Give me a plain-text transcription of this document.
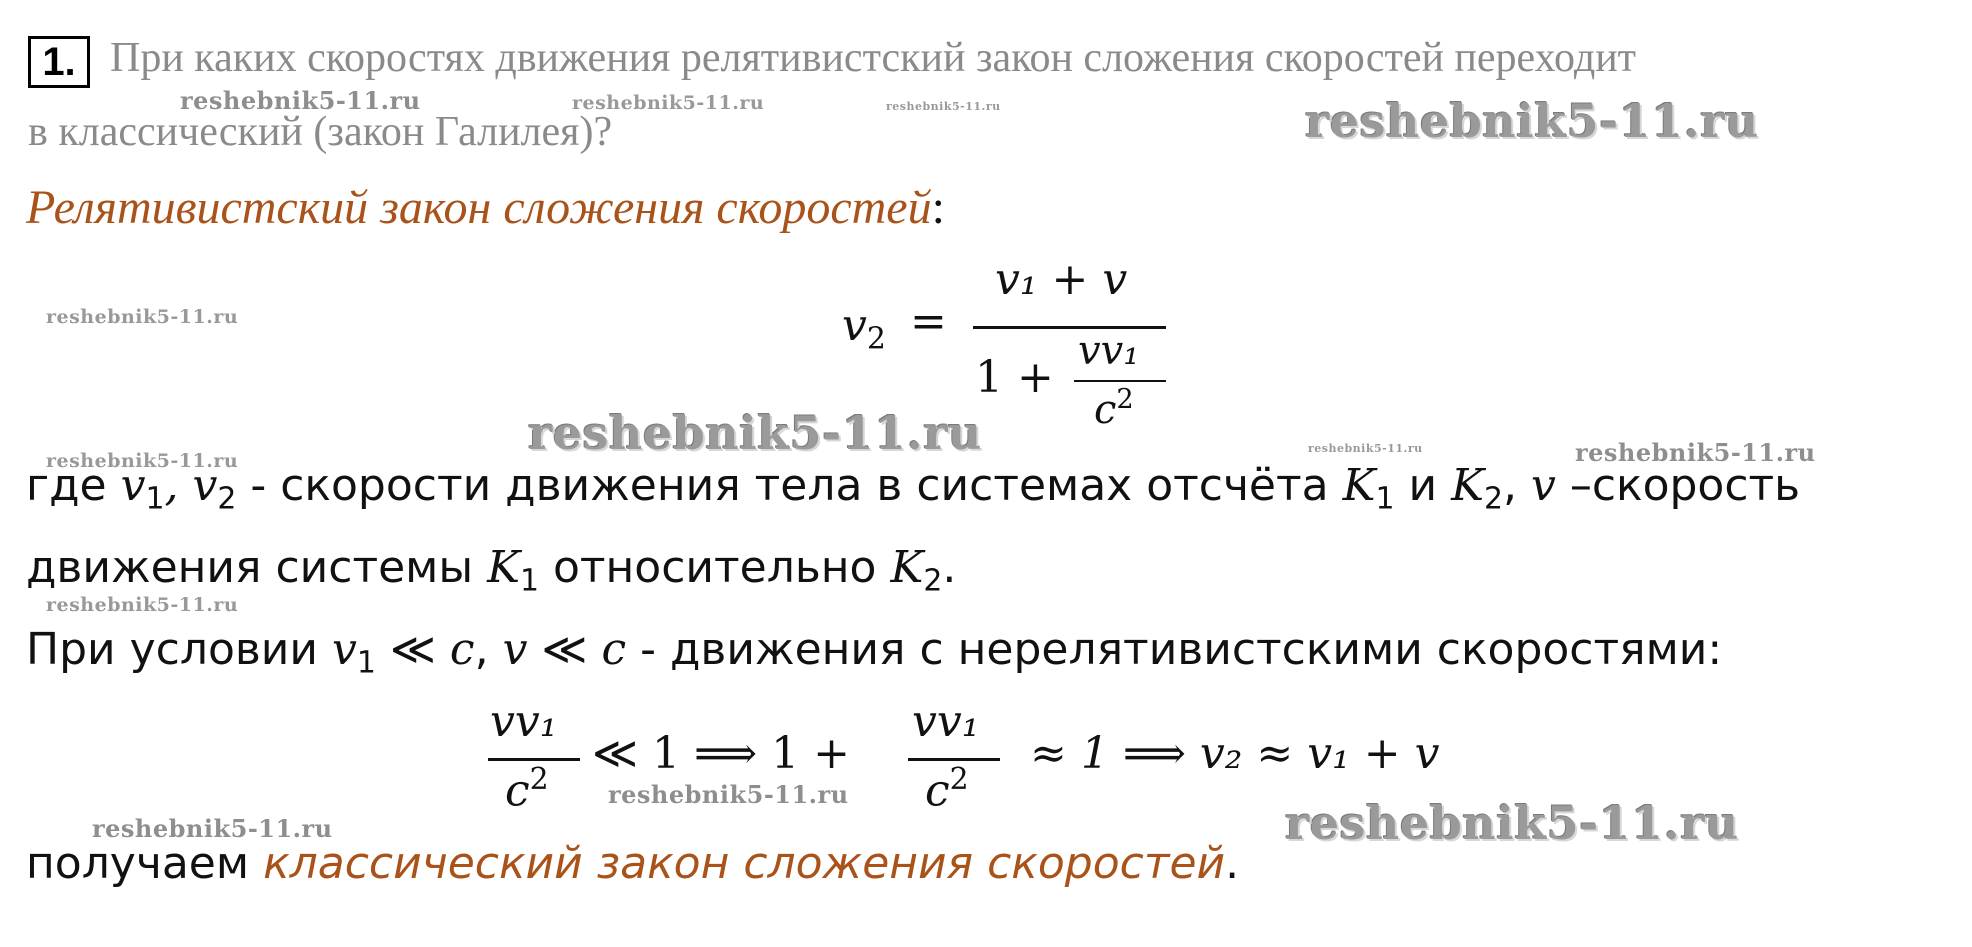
1. При каких скоростях движения релятивистский закон сложения скоростей переходит
в классический (закон Галилея)?
Релятивистский закон сложения скоростей:
$v_2$ =
v₁ + v
1 +
vv₁
$c^2$
где $v_1$, $v_2$ - скорости движения тела в системах отсчёта $K_1$ и $K_2$, v –скорость
движения системы $K_1$ относительно $K_2$.
При условии $v_1$ ≪ c, v ≪ c - движения с нерелятивистскими скоростями:
vv₁
$c^2$
≪ 1 ⟹ 1 +
vv₁
$c^2$
≈ 1 ⟹ v₂ ≈ v₁ + v
получаем классический закон сложения скоростей.
reshebnik5-11.ru	reshebnik5-11.ru	reshebnik5-11.ru	reshebnik5-11.ru
reshebnik5-11.ru
reshebnik5-11.ru
reshebnik5-11.ru
reshebnik5-11.ru	reshebnik5-11.ru
reshebnik5-11.ru
reshebnik5-11.ru
reshebnik5-11.ru	reshebnik5-11.ru
